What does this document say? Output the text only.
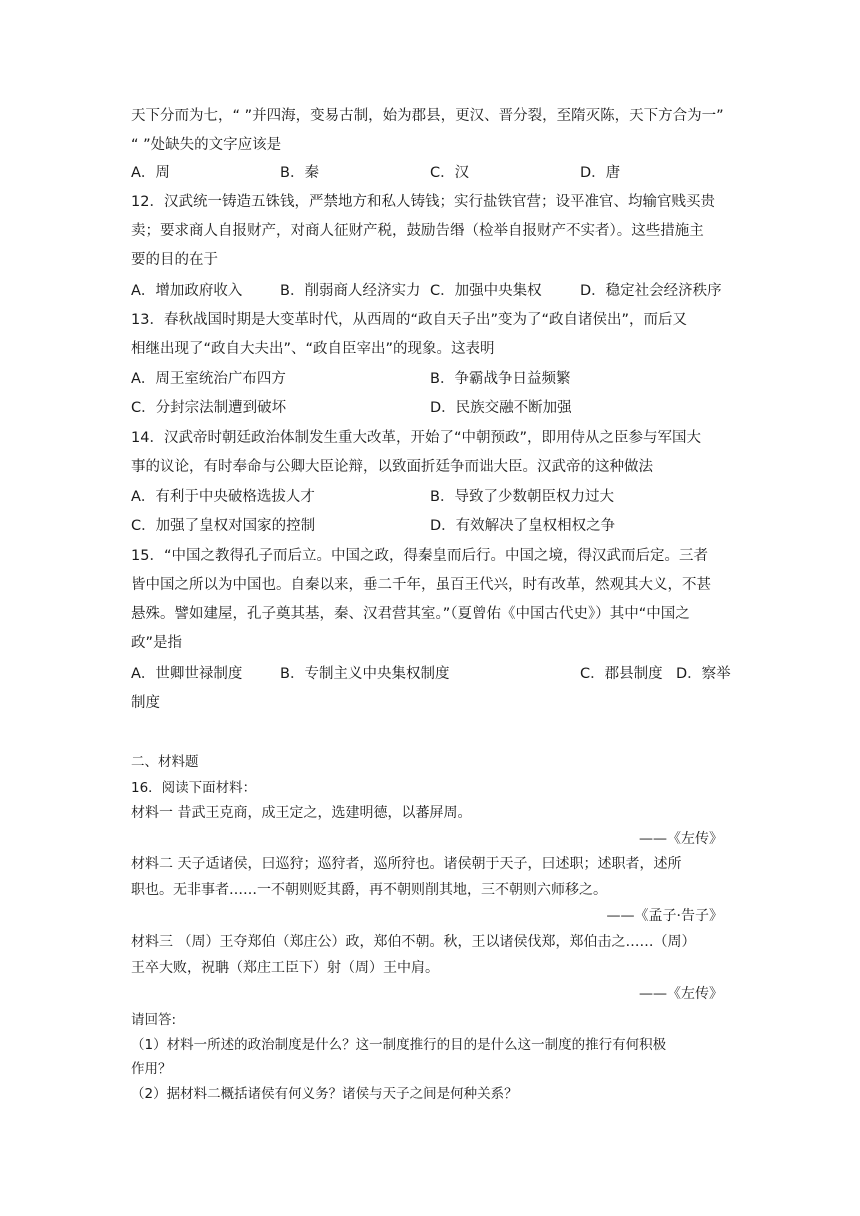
天下分而为七，“ ”并四海，变易古制，始为郡县，更汉、晋分裂，至隋灭陈，天下方合为一”
“ ”处缺失的文字应该是
A．周	B．秦	C．汉	D．唐
12．汉武统一铸造五铢钱，严禁地方和私人铸钱；实行盐铁官营；设平准官、均输官贱买贵
卖；要求商人自报财产，对商人征财产税，鼓励告缗（检举自报财产不实者）。这些措施主
要的目的在于
A．增加政府收入	B．削弱商人经济实力 C．加强中央集权	D．稳定社会经济秩序
13．春秋战国时期是大变革时代，从西周的“政自天子出”变为了“政自诸侯出”，而后又
相继出现了“政自大夫出”、“政自臣宰出”的现象。这表明
A．周王室统治广布四方	B．争霸战争日益频繁
C．分封宗法制遭到破坏	D．民族交融不断加强
14．汉武帝时朝廷政治体制发生重大改革，开始了“中朝预政”，即用侍从之臣参与军国大
事的议论，有时奉命与公卿大臣论辩，以致面折廷争而诎大臣。汉武帝的这种做法
A．有利于中央破格选拔人才	B．导致了少数朝臣权力过大
C．加强了皇权对国家的控制	D．有效解决了皇权相权之争
15．“中国之教得孔子而后立。中国之政，得秦皇而后行。中国之境，得汉武而后定。三者
皆中国之所以为中国也。自秦以来，垂二千年，虽百王代兴，时有改革，然观其大义，不甚
悬殊。譬如建屋，孔子奠其基，秦、汉君营其室。”（夏曾佑《中国古代史》）其中“中国之
政”是指
A．世卿世禄制度	B．专制主义中央集权制度	C．郡县制度 D．察举
制度
二、材料题
16．阅读下面材料：
材料一 昔武王克商，成王定之，选建明德，以蕃屏周。
——《左传》
材料二 天子适诸侯，曰巡狩；巡狩者，巡所狩也。诸侯朝于天子，曰述职；述职者，述所
职也。无非事者……一不朝则贬其爵，再不朝则削其地，三不朝则六师移之。
——《孟子·告子》
材料三 （周）王夺郑伯（郑庄公）政，郑伯不朝。秋，王以诸侯伐郑，郑伯击之……（周）
王卒大败，祝聃（郑庄工臣下）射（周）王中肩。
——《左传》
请回答:
（1）材料一所述的政治制度是什么？这一制度推行的目的是什么这一制度的推行有何积极
作用？
（2）据材料二概括诸侯有何义务？诸侯与天子之间是何种关系？
